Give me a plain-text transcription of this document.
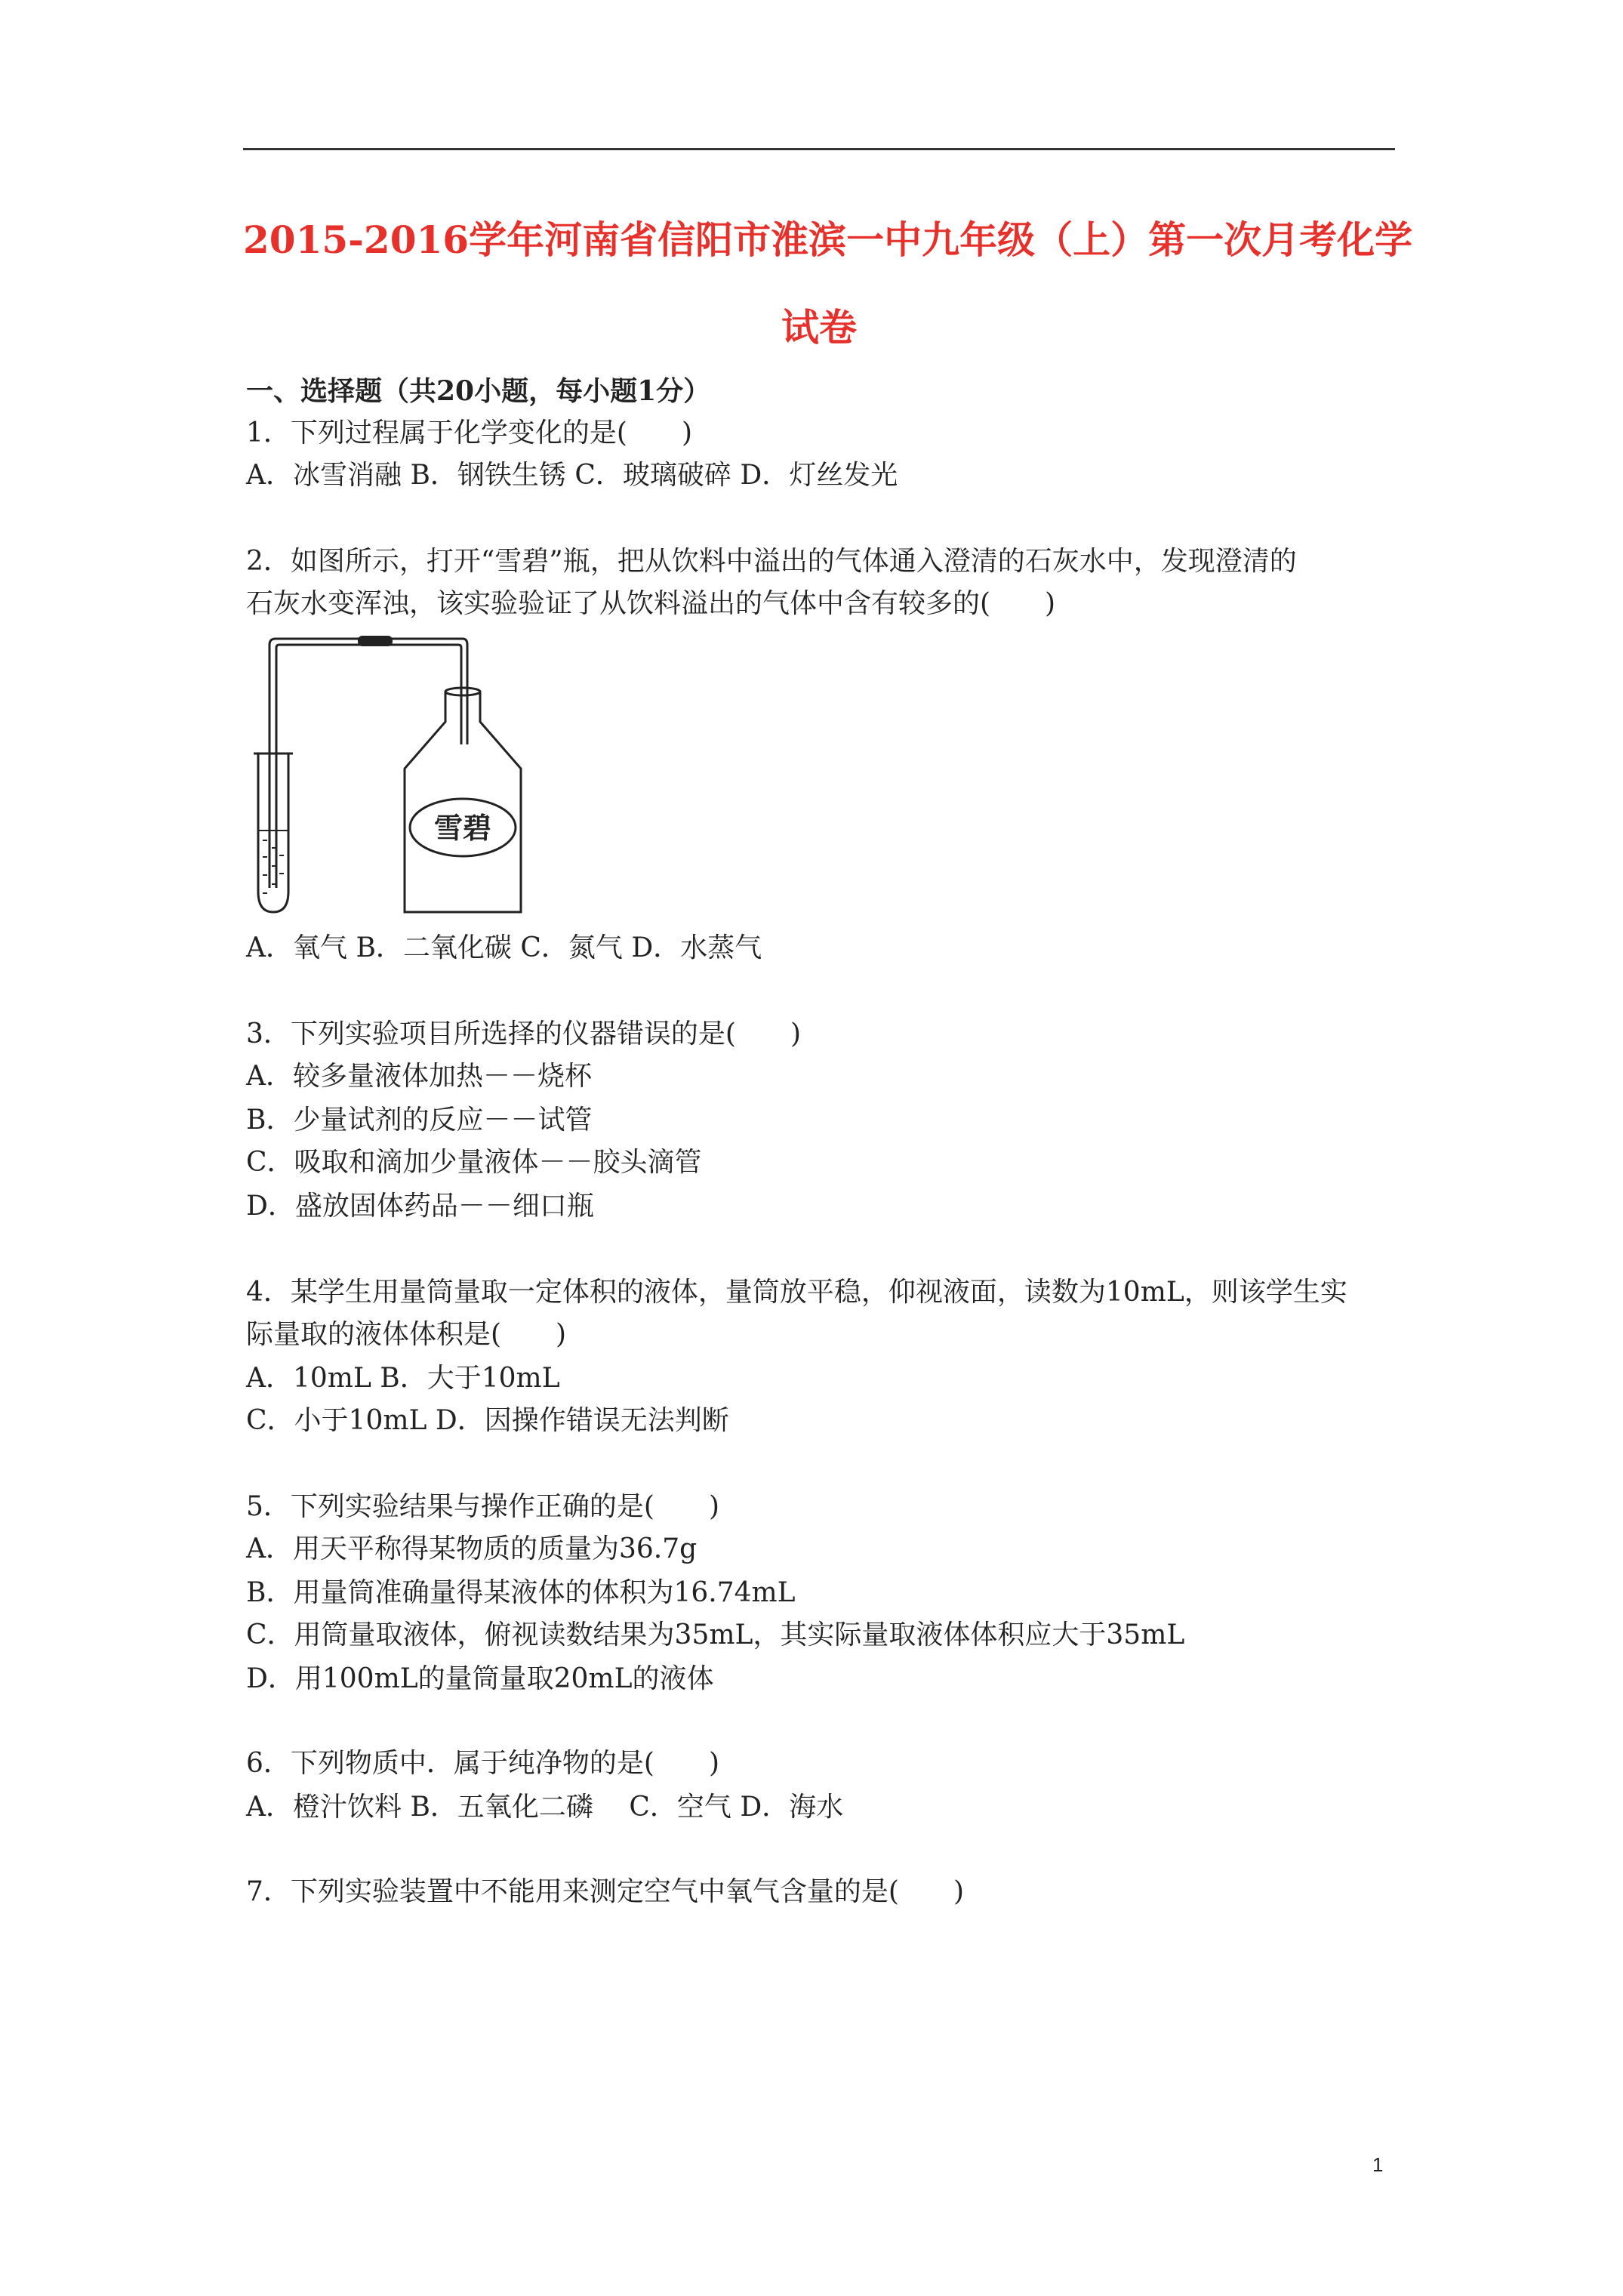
2015-2016学年河南省信阳市淮滨一中九年级（上）第一次月考化学
试卷
一、选择题（共20小题，每小题1分）
1．下列过程属于化学变化的是(　　)
A．冰雪消融 B．钢铁生锈 C．玻璃破碎 D．灯丝发光
2．如图所示，打开“雪碧”瓶，把从饮料中溢出的气体通入澄清的石灰水中，发现澄清的
石灰水变浑浊，该实验验证了从饮料溢出的气体中含有较多的(　　)
雪碧
A．氧气 B．二氧化碳 C．氮气 D．水蒸气
3．下列实验项目所选择的仪器错误的是(　　)
A．较多量液体加热－－烧杯
B．少量试剂的反应－－试管
C．吸取和滴加少量液体－－胶头滴管
D．盛放固体药品－－细口瓶
4．某学生用量筒量取一定体积的液体，量筒放平稳，仰视液面，读数为10mL，则该学生实
际量取的液体体积是(　　)
A．10mL B．大于10mL
C．小于10mL D．因操作错误无法判断
5．下列实验结果与操作正确的是(　　)
A．用天平称得某物质的质量为36.7g
B．用量筒准确量得某液体的体积为16.74mL
C．用筒量取液体，俯视读数结果为35mL，其实际量取液体体积应大于35mL
D．用100mL的量筒量取20mL的液体
6．下列物质中．属于纯净物的是(　　)
A．橙汁饮料 B．五氧化二磷　 C．空气 D．海水
7．下列实验装置中不能用来测定空气中氧气含量的是(　　)
1
